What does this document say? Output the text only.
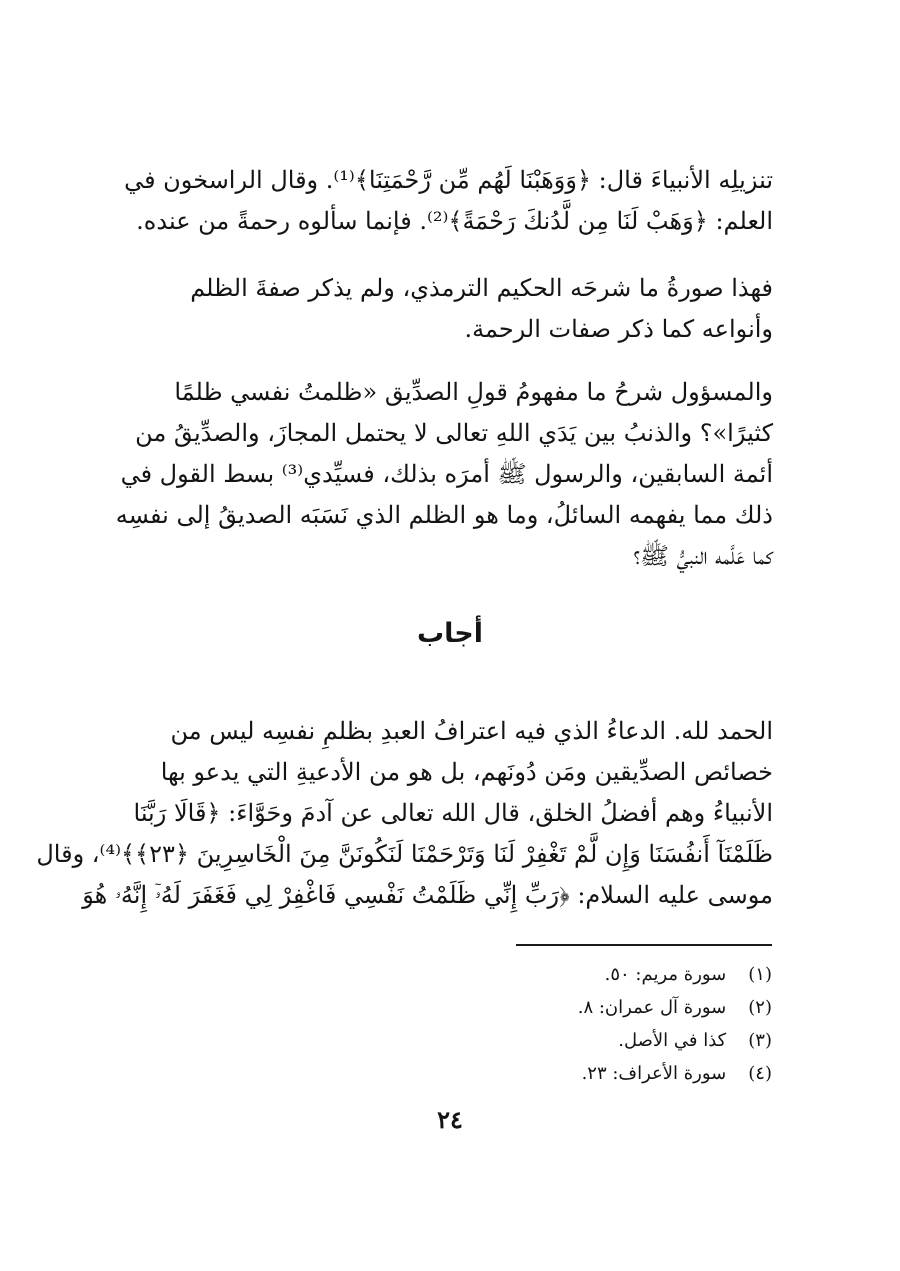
تنزيلِه الأنبياءَ قال: ﴿وَوَهَبْنَا لَهُم مِّن رَّحْمَتِنَا﴾⁽¹⁾. وقال الراسخون في
العلم: ﴿وَهَبْ لَنَا مِن لَّدُنكَ رَحْمَةً﴾⁽²⁾. فإنما سألوه رحمةً من عنده.

فهذا صورةُ ما شرحَه الحكيم الترمذي، ولم يذكر صفةَ الظلم
وأنواعه كما ذكر صفات الرحمة.

والمسؤول شرحُ ما مفهومُ قولِ الصدِّيق «ظلمتُ نفسي ظلمًا
كثيرًا»؟ والذنبُ بين يَدَي اللهِ تعالى لا يحتمل المجازَ، والصدِّيقُ من
أئمة السابقين، والرسول ﷺ أمرَه بذلك، فسيِّدي⁽³⁾ بسط القول في
ذلك مما يفهمه السائلُ، وما هو الظلم الذي نَسَبَه الصديقُ إلى نفسِه
كما عَلَّمه النبيُّ ﷺ؟

أجاب

الحمد لله. الدعاءُ الذي فيه اعترافُ العبدِ بظلمِ نفسِه ليس من
خصائص الصدِّيقين ومَن دُونَهم، بل هو من الأدعيةِ التي يدعو بها
الأنبياءُ وهم أفضلُ الخلق، قال الله تعالى عن آدمَ وحَوَّاءَ: ﴿قَالَا رَبَّنَا
ظَلَمْنَآ أَنفُسَنَا وَإِن لَّمْ تَغْفِرْ لَنَا وَتَرْحَمْنَا لَنَكُونَنَّ مِنَ الْخَاسِرِينَ ﴿٢٣﴾﴾⁽⁴⁾، وقال
موسى عليه السلام: ﴿رَبِّ إِنِّي ظَلَمْتُ نَفْسِي فَاغْفِرْ لِي فَغَفَرَ لَهُۥٓ إِنَّهُۥ هُوَ

(١) سورة مريم: ٥٠.
(٢) سورة آل عمران: ٨.
(٣) كذا في الأصل.
(٤) سورة الأعراف: ٢٣.
٢٤
